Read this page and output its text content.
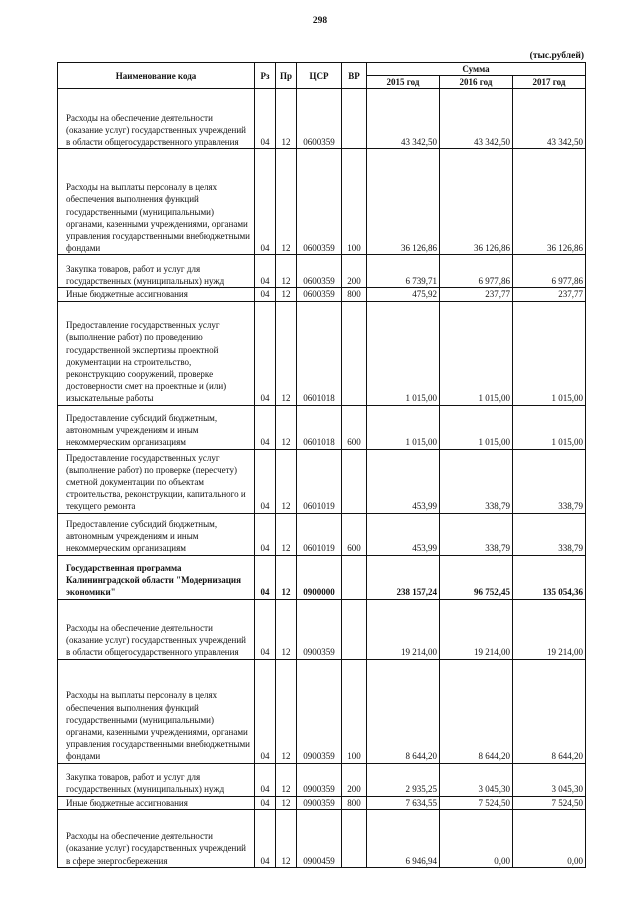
298
(тыс.рублей)
Наименование кода	Рз	Пр	ЦСР	ВР	Сумма		
					2015 год	2016 год	2017 год

Расходы на обеспечение деятельности (оказание услуг) государственных учреждений в области общегосударственного управления	04	12	0600359		43 342,50	43 342,50	43 342,50

Расходы на выплаты персоналу в целях обеспечения выполнения функций государственными (муниципальными) органами, казенными учреждениями, органами управления государственными внебюджетными фондами	04	12	0600359	100	36 126,86	36 126,86	36 126,86

Закупка товаров, работ и услуг для государственных (муниципальных) нужд	04	12	0600359	200	6 739,71	6 977,86	6 977,86

Иные бюджетные ассигнования	04	12	0600359	800	475,92	237,77	237,77

Предоставление государственных услуг (выполнение работ) по проведению государственной экспертизы проектной документации на строительство, реконструкцию сооружений, проверке достоверности смет на проектные и (или) изыскательные работы	04	12	0601018		1 015,00	1 015,00	1 015,00

Предоставление субсидий бюджетным, автономным учреждениям и иным некоммерческим организациям	04	12	0601018	600	1 015,00	1 015,00	1 015,00

Предоставление государственных услуг (выполнение работ) по проверке (пересчету) сметной документации по объектам строительства, реконструкции, капитального и текущего ремонта	04	12	0601019		453,99	338,79	338,79

Предоставление субсидий бюджетным, автономным учреждениям и иным некоммерческим организациям	04	12	0601019	600	453,99	338,79	338,79

Государственная программа Калининградской области "Модернизация экономики"	04	12	0900000		238 157,24	96 752,45	135 054,36

Расходы на обеспечение деятельности (оказание услуг) государственных учреждений в области общегосударственного управления	04	12	0900359		19 214,00	19 214,00	19 214,00

Расходы на выплаты персоналу в целях обеспечения выполнения функций государственными (муниципальными) органами, казенными учреждениями, органами управления государственными внебюджетными фондами	04	12	0900359	100	8 644,20	8 644,20	8 644,20

Закупка товаров, работ и услуг для государственных (муниципальных) нужд	04	12	0900359	200	2 935,25	3 045,30	3 045,30

Иные бюджетные ассигнования	04	12	0900359	800	7 634,55	7 524,50	7 524,50

Расходы на обеспечение деятельности (оказание услуг) государственных учреждений в сфере энергосбережения	04	12	0900459		6 946,94	0,00	0,00
